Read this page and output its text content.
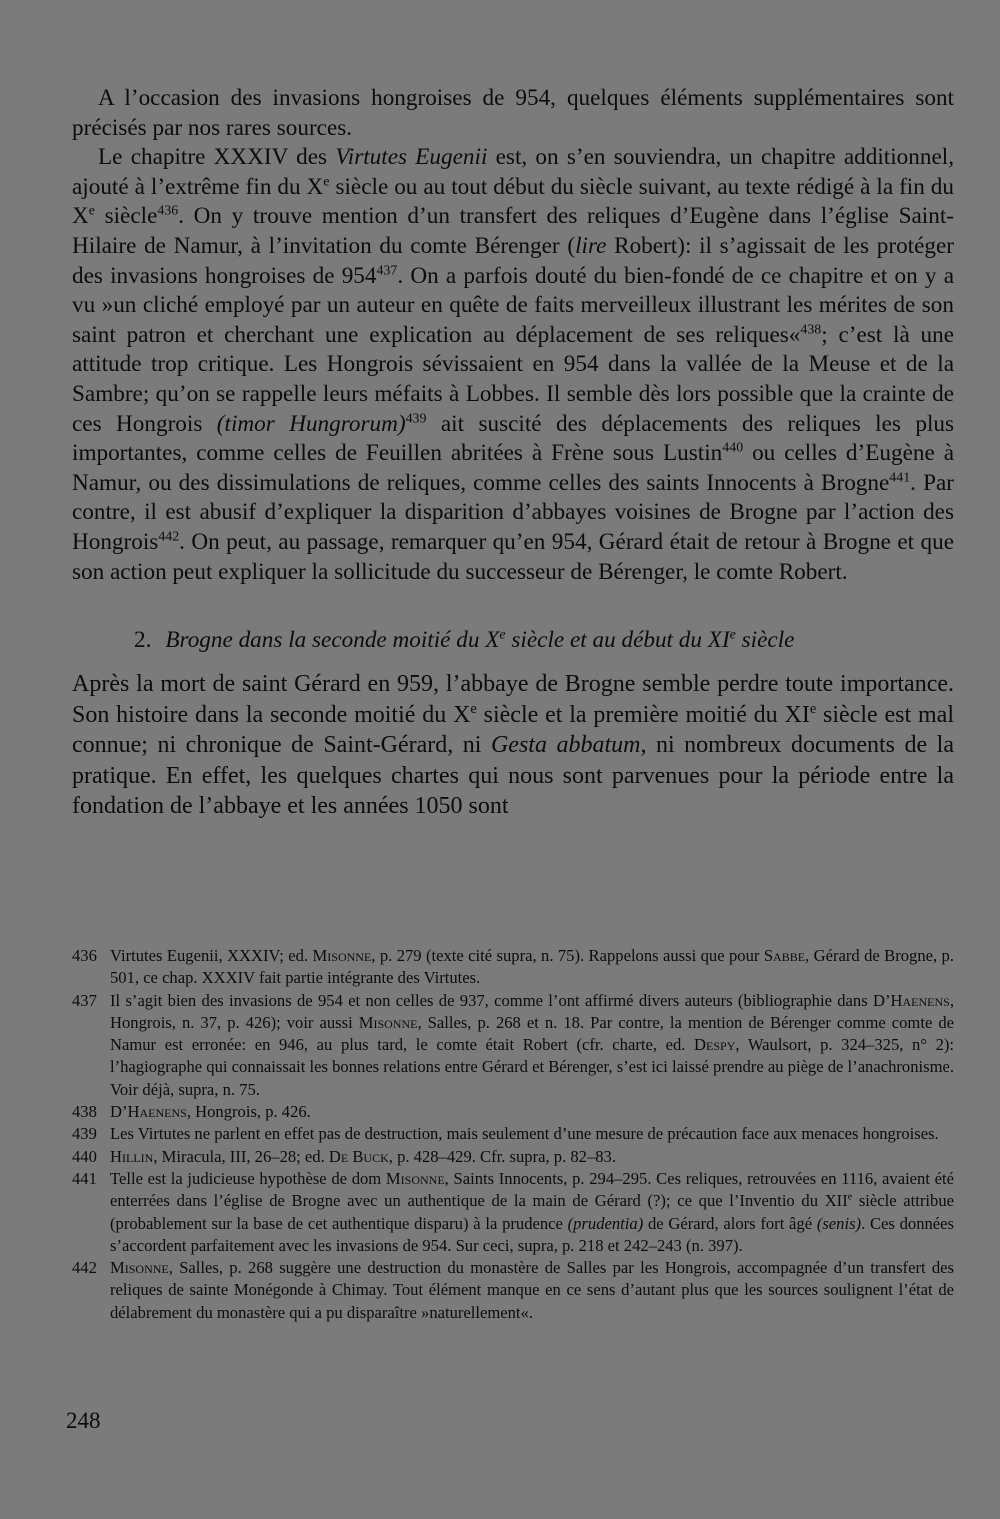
A l’occasion des invasions hongroises de 954, quelques éléments supplémentaires sont précisés par nos rares sources.

Le chapitre XXXIV des Virtutes Eugenii est, on s’en souviendra, un chapitre additionnel, ajouté à l’extrême fin du Xe siècle ou au tout début du siècle suivant, au texte rédigé à la fin du Xe siècle$^{436}$. On y trouve mention d’un transfert des reliques d’Eugène dans l’église Saint-Hilaire de Namur, à l’invitation du comte Bérenger (lire Robert): il s’agissait de les protéger des invasions hongroises de $954^{437}$. On a parfois douté du bien-fondé de ce chapitre et on y a vu »un cliché employé par un auteur en quête de faits merveilleux illustrant les mérites de son saint patron et cherchant une explication au déplacement de ses reliques«$^{438}$; c’est là une attitude trop critique. Les Hongrois sévissaient en 954 dans la vallée de la Meuse et de la Sambre; qu’on se rappelle leurs méfaits à Lobbes. Il semble dès lors possible que la crainte de ces Hongrois (timor Hungrorum)$^{439}$ ait suscité des déplacements des reliques les plus importantes, comme celles de Feuillen abritées à Frène sous Lustin$^{440}$ ou celles d’Eugène à Namur, ou des dissimulations de reliques, comme celles des saints Innocents à Brogne$^{441}$. Par contre, il est abusif d’expliquer la disparition d’abbayes voisines de Brogne par l’action des Hongrois$^{442}$. On peut, au passage, remarquer qu’en 954, Gérard était de retour à Brogne et que son action peut expliquer la sollicitude du successeur de Bérenger, le comte Robert.

2. Brogne dans la seconde moitié du Xe siècle et au début du XIe siècle

Après la mort de saint Gérard en 959, l’abbaye de Brogne semble perdre toute importance. Son histoire dans la seconde moitié du Xe siècle et la première moitié du XIe siècle est mal connue; ni chronique de Saint-Gérard, ni Gesta abbatum, ni nombreux documents de la pratique. En effet, les quelques chartes qui nous sont parvenues pour la période entre la fondation de l’abbaye et les années 1050 sont

436 Virtutes Eugenii, XXXIV; ed. Misonne, p. 279 (texte cité supra, n. 75). Rappelons aussi que pour Sabbe, Gérard de Brogne, p. 501, ce chap. XXXIV fait partie intégrante des Virtutes.
437 Il s’agit bien des invasions de 954 et non celles de 937, comme l’ont affirmé divers auteurs (bibliographie dans D’Haenens, Hongrois, n. 37, p. 426); voir aussi Misonne, Salles, p. 268 et n. 18. Par contre, la mention de Bérenger comme comte de Namur est erronée: en 946, au plus tard, le comte était Robert (cfr. charte, ed. Despy, Waulsort, p. 324–325, n° 2): l’hagiographe qui connaissait les bonnes relations entre Gérard et Bérenger, s’est ici laissé prendre au piège de l’anachronisme. Voir déjà, supra, n. 75.
438 D’Haenens, Hongrois, p. 426.
439 Les Virtutes ne parlent en effet pas de destruction, mais seulement d’une mesure de précaution face aux menaces hongroises.
440 Hillin, Miracula, III, 26–28; ed. De Buck, p. 428–429. Cfr. supra, p. 82–83.
441 Telle est la judicieuse hypothèse de dom Misonne, Saints Innocents, p. 294–295. Ces reliques, retrouvées en 1116, avaient été enterrées dans l’église de Brogne avec un authentique de la main de Gérard (?); ce que l’Inventio du XIIe siècle attribue (probablement sur la base de cet authentique disparu) à la prudence (prudentia) de Gérard, alors fort âgé (senis). Ces données s’accordent parfaitement avec les invasions de 954. Sur ceci, supra, p. 218 et 242–243 (n. 397).
442 Misonne, Salles, p. 268 suggère une destruction du monastère de Salles par les Hongrois, accompagnée d’un transfert des reliques de sainte Monégonde à Chimay. Tout élément manque en ce sens d’autant plus que les sources soulignent l’état de délabrement du monastère qui a pu disparaître »naturellement«.
248
